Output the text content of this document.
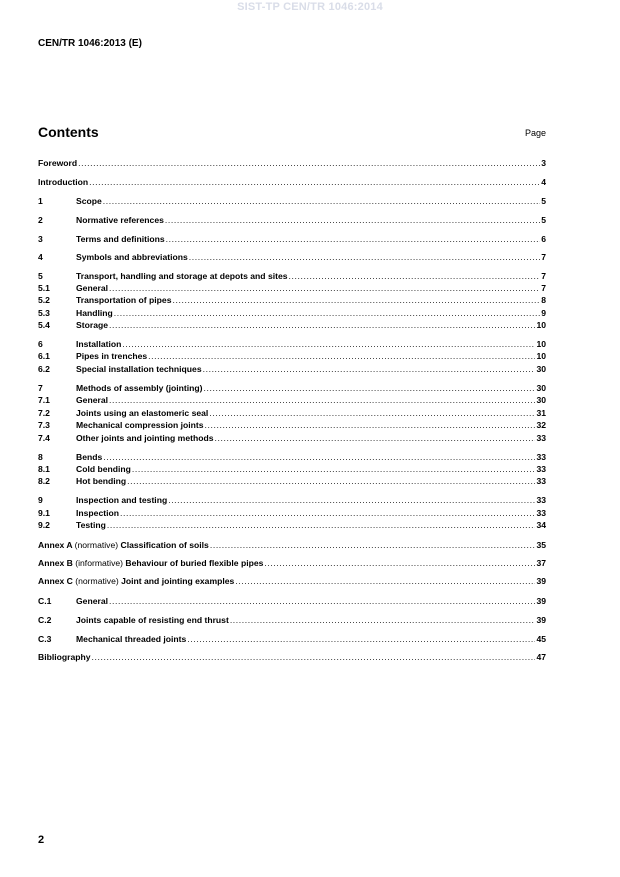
SIST-TP CEN/TR 1046:2014
CEN/TR 1046:2013 (E)
Contents	Page
Foreword .....	3
Introduction .....	4
1	Scope .....	5
2	Normative references .....	5
3	Terms and definitions .....	6
4	Symbols and abbreviations .....	7
5	Transport, handling and storage at depots and sites .....	7
5.1	General .....	7
5.2	Transportation of pipes .....	8
5.3	Handling .....	9
5.4	Storage .....	10
6	Installation .....	10
6.1	Pipes in trenches .....	10
6.2	Special installation techniques .....	30
7	Methods of assembly (jointing) .....	30
7.1	General .....	30
7.2	Joints using an elastomeric seal .....	31
7.3	Mechanical compression joints .....	32
7.4	Other joints and jointing methods .....	33
8	Bends .....	33
8.1	Cold bending .....	33
8.2	Hot bending .....	33
9	Inspection and testing .....	33
9.1	Inspection .....	33
9.2	Testing .....	34
Annex A (normative) Classification of soils .....	35
Annex B (informative) Behaviour of buried flexible pipes .....	37
Annex C (normative) Joint and jointing examples .....	39
C.1	General .....	39
C.2	Joints capable of resisting end thrust .....	39
C.3	Mechanical threaded joints .....	45
Bibliography .....	47
2
